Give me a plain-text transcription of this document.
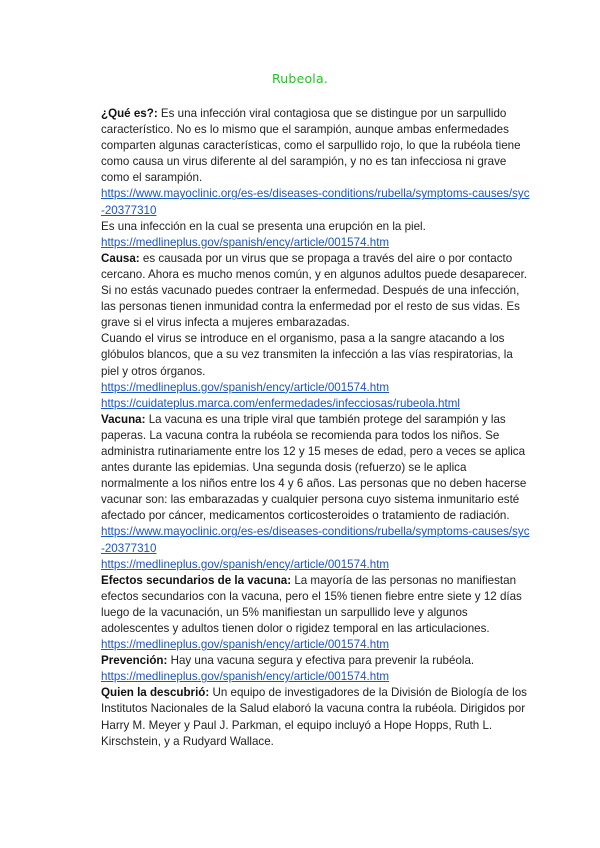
Rubeola.

¿Qué es?: Es una infección viral contagiosa que se distingue por un sarpullido característico. No es lo mismo que el sarampión, aunque ambas enfermedades comparten algunas características, como el sarpullido rojo, lo que la rubéola tiene como causa un virus diferente al del sarampión, y no es tan infecciosa ni grave como el sarampión.

https://www.mayoclinic.org/es-es/diseases-conditions/rubella/symptoms-causes/syc-20377310

Es una infección en la cual se presenta una erupción en la piel.

https://medlineplus.gov/spanish/ency/article/001574.htm

Causa: es causada por un virus que se propaga a través del aire o por contacto cercano. Ahora es mucho menos común, y en algunos adultos puede desaparecer. Si no estás vacunado puedes contraer la enfermedad. Después de una infección, las personas tienen inmunidad contra la enfermedad por el resto de sus vidas. Es grave si el virus infecta a mujeres embarazadas.

Cuando el virus se introduce en el organismo, pasa a la sangre atacando a los glóbulos blancos, que a su vez transmiten la infección a las vías respiratorias, la piel y otros órganos.

https://medlineplus.gov/spanish/ency/article/001574.htm

https://cuidateplus.marca.com/enfermedades/infecciosas/rubeola.html

Vacuna: La vacuna es una triple viral que también protege del sarampión y las paperas. La vacuna contra la rubéola se recomienda para todos los niños. Se administra rutinariamente entre los 12 y 15 meses de edad, pero a veces se aplica antes durante las epidemias. Una segunda dosis (refuerzo) se le aplica normalmente a los niños entre los 4 y 6 años. Las personas que no deben hacerse vacunar son: las embarazadas y cualquier persona cuyo sistema inmunitario esté afectado por cáncer, medicamentos corticosteroides o tratamiento de radiación.

https://www.mayoclinic.org/es-es/diseases-conditions/rubella/symptoms-causes/syc-20377310

https://medlineplus.gov/spanish/ency/article/001574.htm

Efectos secundarios de la vacuna: La mayoría de las personas no manifiestan efectos secundarios con la vacuna, pero el 15% tienen fiebre entre siete y 12 días luego de la vacunación, un 5% manifiestan un sarpullido leve y algunos adolescentes y adultos tienen dolor o rigidez temporal en las articulaciones.

https://medlineplus.gov/spanish/ency/article/001574.htm

Prevención: Hay una vacuna segura y efectiva para prevenir la rubéola.

https://medlineplus.gov/spanish/ency/article/001574.htm

Quien la descubrió: Un equipo de investigadores de la División de Biología de los Institutos Nacionales de la Salud elaboró la vacuna contra la rubéola. Dirigidos por Harry M. Meyer y Paul J. Parkman, el equipo incluyó a Hope Hopps, Ruth L. Kirschstein, y a Rudyard Wallace.
